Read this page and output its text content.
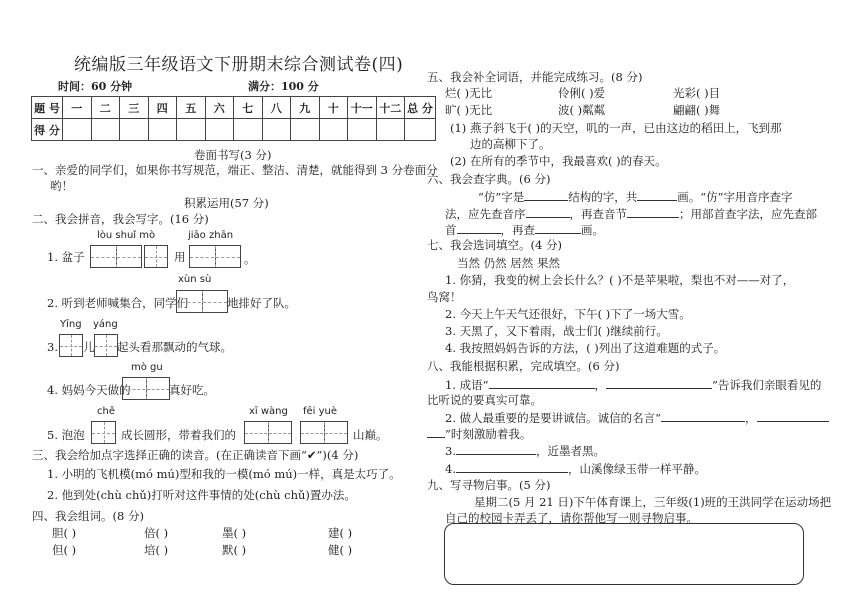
统编版三年级语文下册期末综合测试卷(四)
时间：60 分钟	满分：100 分
题 号	一	二	三	四	五	六	七	八	九	十	十一	十二	总 分
得 分													
卷面书写(3 分)
一、亲爱的同学们，如果你书写规范，端正、整洁、清楚，就能得到 3 分卷面分
哟！
积累运用(57 分)
二、我会拼音，我会写字。(16 分)
lòu shuǐ mò	jiāo zhān
1. 盆子	用	。
xùn sù
2. 听到老师喊集合，同学们	地排好了队。
Yīng yáng
3. 儿 起头看那飘动的气球。
mò gu
4. 妈妈今天做的	真好吃。
chě	xī wàng fēi yuè
5. 泡泡	成长圆形，带着我们的	山巅。
三、我会给加点字选择正确的读音。(在正确读音下画“✔”)(4 分)
1. 小明的飞机模(mó mú)型和我的一模(mó mú)一样，真是太巧了。
2. 他到处(chù chǔ)打听对这件事情的处(chù chǔ)置办法。
四、我会组词。(8 分)
胆( )	倍( )	墨( )	建( )
但( )	培( )	默( )	健( )
五、我会补全词语，并能完成练习。(8 分)
烂( )无比	伶俐( )爱	光彩( )目
旷( )无比	波( )粼粼	翩翩( )舞
(1) 燕子斜飞于( )的天空，叽的一声，已由这边的稻田上，飞到那
边的高柳下了。
(2) 在所有的季节中，我最喜欢( )的春天。
六、我会查字典。(6 分)
“仿”字是	结构的字，共	画。“仿”字用音序查字
法，应先查音序	，再查音节	；用部首查字法，应先查部
首	，再查	画。
七、我会选词填空。(4 分)
当然 仍然 居然 果然
1. 你猜，我变的树上会长什么？( )不是苹果啦，梨也不对——对了，
鸟窝！
2. 今天上午天气还很好，下午( )下了一场大雪。
3. 天黑了，又下着雨，战士们( )继续前行。
4. 我按照妈妈告诉的方法，( )列出了这道难题的式子。
八、我能根据积累，完成填空。(6 分)
1. 成语“	，	”告诉我们亲眼看见的
比听说的要真实可靠。
2. 做人最重要的是要讲诚信。诚信的名言“	，
”时刻激励着我。
3.	，近墨者黑。
4.	，山溪像绿玉带一样平静。
九、写寻物启事。(5 分)
星期二(5 月 21 日)下午体育课上，三年级(1)班的王洪同学在运动场把
自己的校园卡弄丢了，请你帮他写一则寻物启事。
